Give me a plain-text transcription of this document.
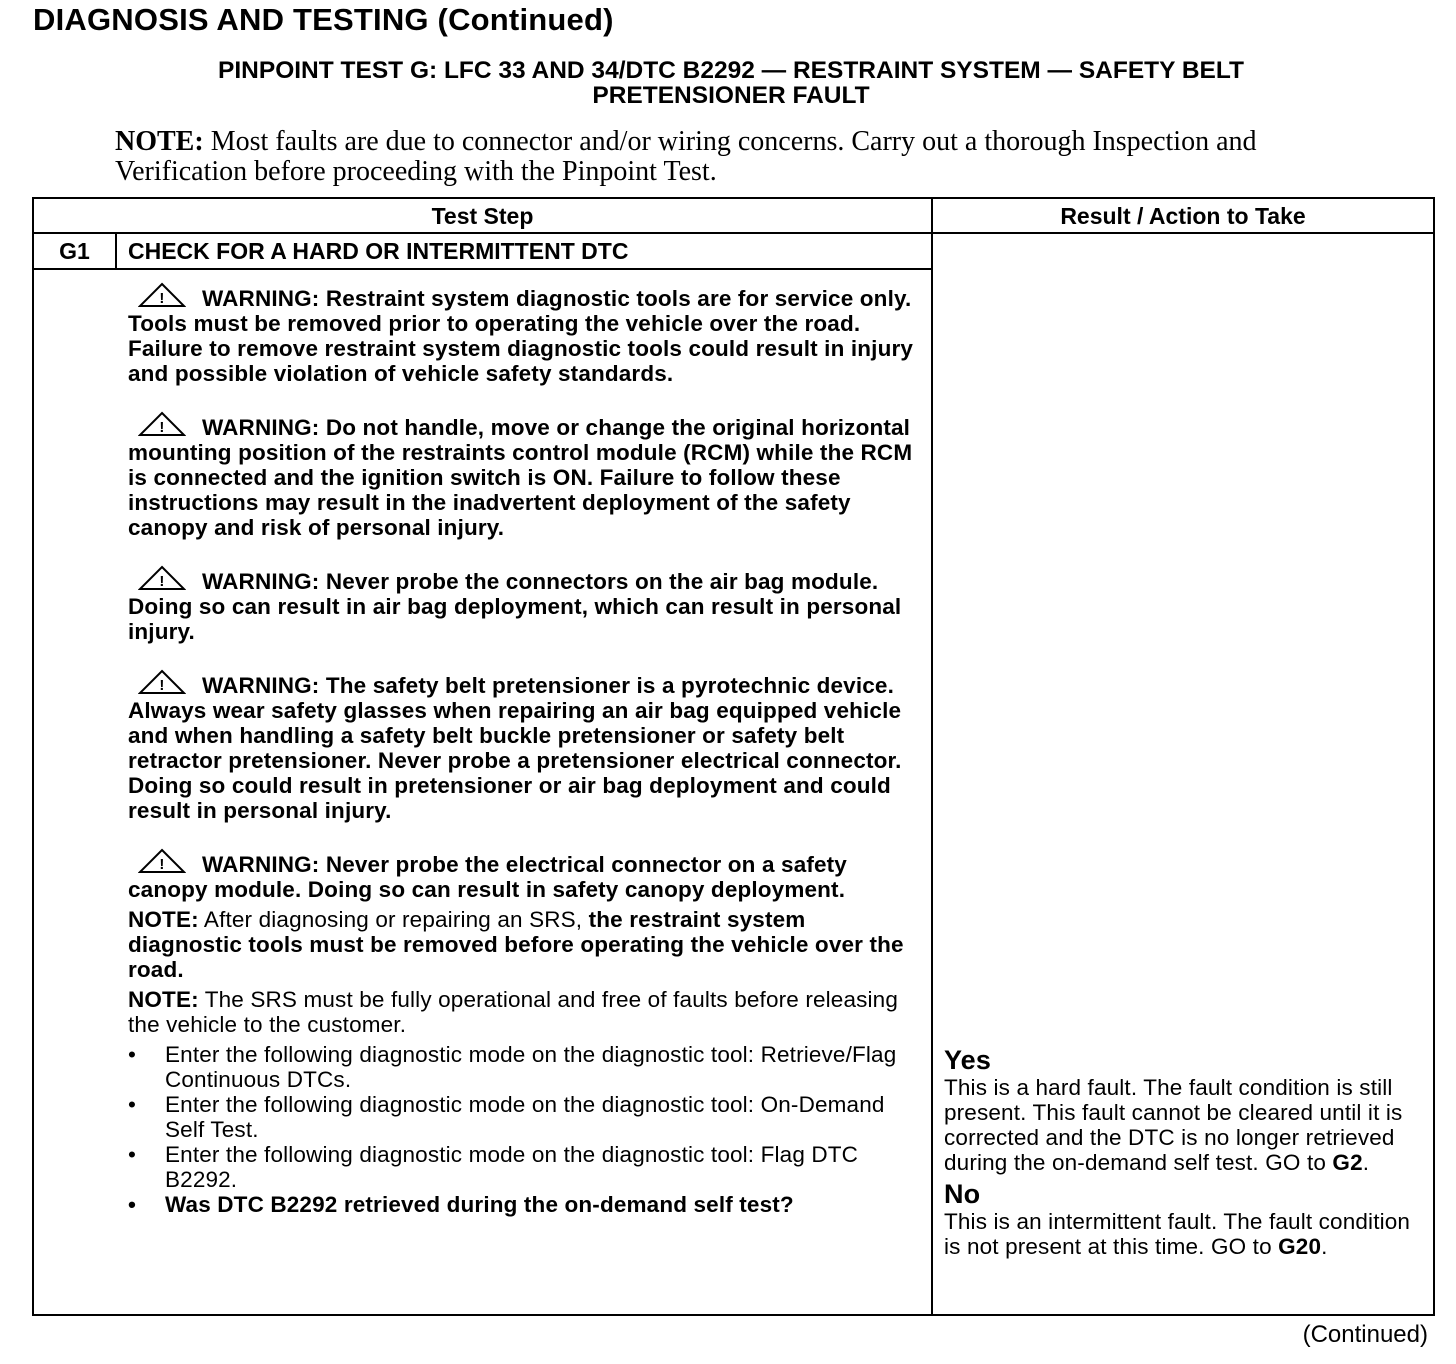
DIAGNOSIS AND TESTING (Continued)
PINPOINT TEST G: LFC 33 AND 34/DTC B2292 — RESTRAINT SYSTEM — SAFETY BELT
PRETENSIONER FAULT
NOTE: Most faults are due to connector and/or wiring concerns. Carry out a thorough Inspection and Verification before proceeding with the Pinpoint Test.
Test Step	Result / Action to Take
G1	CHECK FOR A HARD OR INTERMITTENT DTC
! WARNING: Restraint system diagnostic tools are for service only. Tools must be removed prior to operating the vehicle over the road. Failure to remove restraint system diagnostic tools could result in injury and possible violation of vehicle safety standards.
! WARNING: Do not handle, move or change the original horizontal mounting position of the restraints control module (RCM) while the RCM is connected and the ignition switch is ON. Failure to follow these instructions may result in the inadvertent deployment of the safety canopy and risk of personal injury.
! WARNING: Never probe the connectors on the air bag module. Doing so can result in air bag deployment, which can result in personal injury.
! WARNING: The safety belt pretensioner is a pyrotechnic device. Always wear safety glasses when repairing an air bag equipped vehicle and when handling a safety belt buckle pretensioner or safety belt retractor pretensioner. Never probe a pretensioner electrical connector. Doing so could result in pretensioner or air bag deployment and could result in personal injury.
! WARNING: Never probe the electrical connector on a safety canopy module. Doing so can result in safety canopy deployment.
NOTE: After diagnosing or repairing an SRS, the restraint system diagnostic tools must be removed before operating the vehicle over the road.
NOTE: The SRS must be fully operational and free of faults before releasing the vehicle to the customer.
• Enter the following diagnostic mode on the diagnostic tool: Retrieve/Flag Continuous DTCs.
• Enter the following diagnostic mode on the diagnostic tool: On-Demand Self Test.
• Enter the following diagnostic mode on the diagnostic tool: Flag DTC B2292.
• Was DTC B2292 retrieved during the on-demand self test?
Yes
This is a hard fault. The fault condition is still present. This fault cannot be cleared until it is corrected and the DTC is no longer retrieved during the on-demand self test. GO to G2.
No
This is an intermittent fault. The fault condition is not present at this time. GO to G20.
(Continued)
